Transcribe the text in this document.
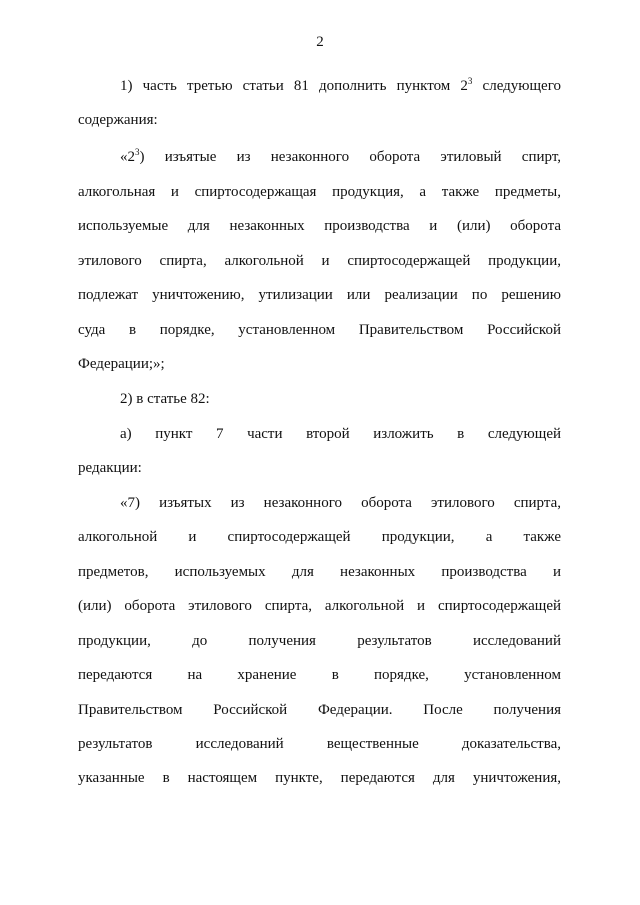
2
1) часть третью статьи 81 дополнить пунктом $2^3$ следующего
содержания:
«$2^3$) изъятые из незаконного оборота этиловый спирт,
алкогольная и спиртосодержащая продукция, а также предметы,
используемые для незаконных производства и (или) оборота
этилового спирта, алкогольной и спиртосодержащей продукции,
подлежат уничтожению, утилизации или реализации по решению
суда в порядке, установленном Правительством Российской
Федерации;»;
2) в статье 82:
а) пункт 7 части второй изложить в следующей
редакции:
«7) изъятых из незаконного оборота этилового спирта,
алкогольной и спиртосодержащей продукции, а также
предметов, используемых для незаконных производства и
(или) оборота этилового спирта, алкогольной и спиртосодержащей
продукции, до получения результатов исследований
передаются на хранение в порядке, установленном
Правительством Российской Федерации. После получения
результатов исследований вещественные доказательства,
указанные в настоящем пункте, передаются для уничтожения,
